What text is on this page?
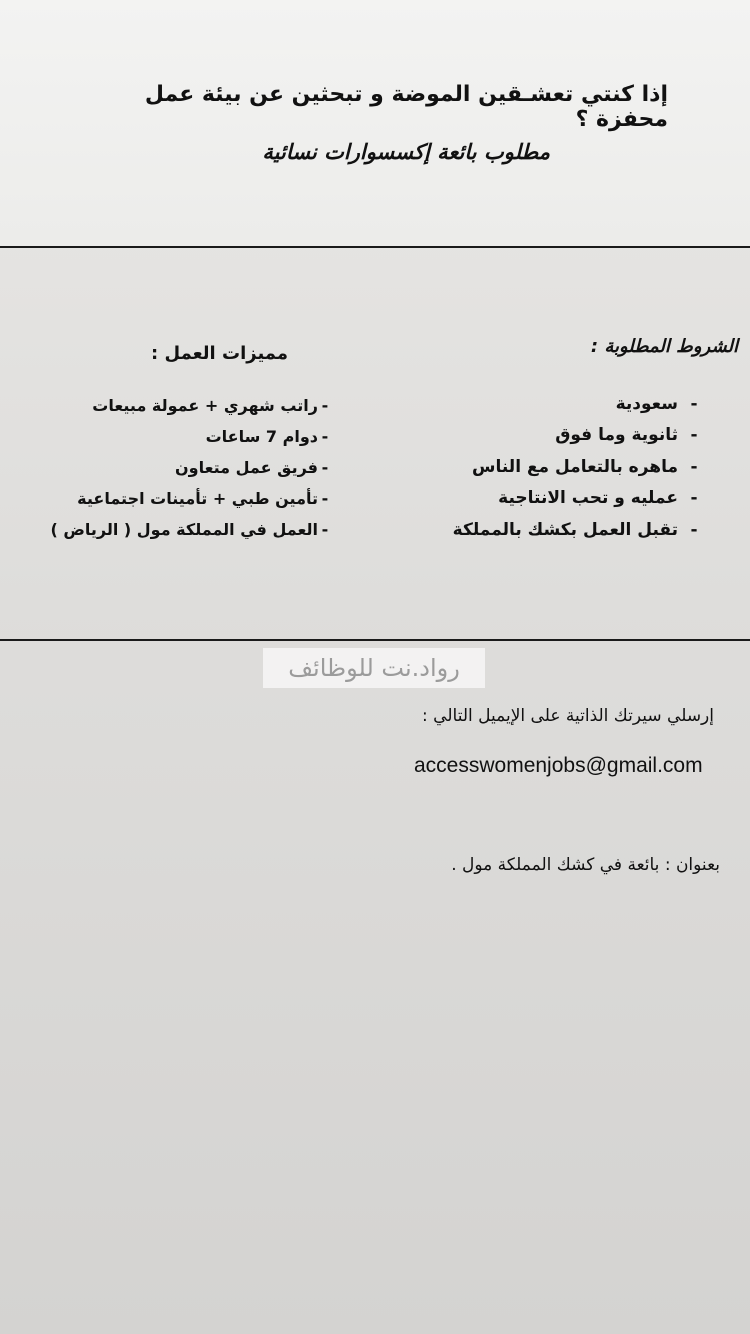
إذا كنتي تعشـقين الموضة و تبحثين عن بيئة عمل محفزة ؟
مطلوب بائعة إكسسوارات نسائية
الشروط المطلوبة :
-
سعودية
-
ثانوية وما فوق
-
ماهره بالتعامل مع الناس
-
عمليه و تحب الانتاجية
-
تقبل العمل بكشك بالمملكة
مميزات العمل :
-
راتب شهري + عمولة مبيعات
-
دوام 7 ساعات
-
فريق عمل متعاون
-
تأمين طبي + تأمينات اجتماعية
-
العمل في المملكة مول ( الرياض )
رواد.نت للوظائف
إرسلي سيرتك الذاتية على الإيميل التالي :
accesswomenjobs@gmail.com
بعنوان : بائعة في كشك المملكة مول .
